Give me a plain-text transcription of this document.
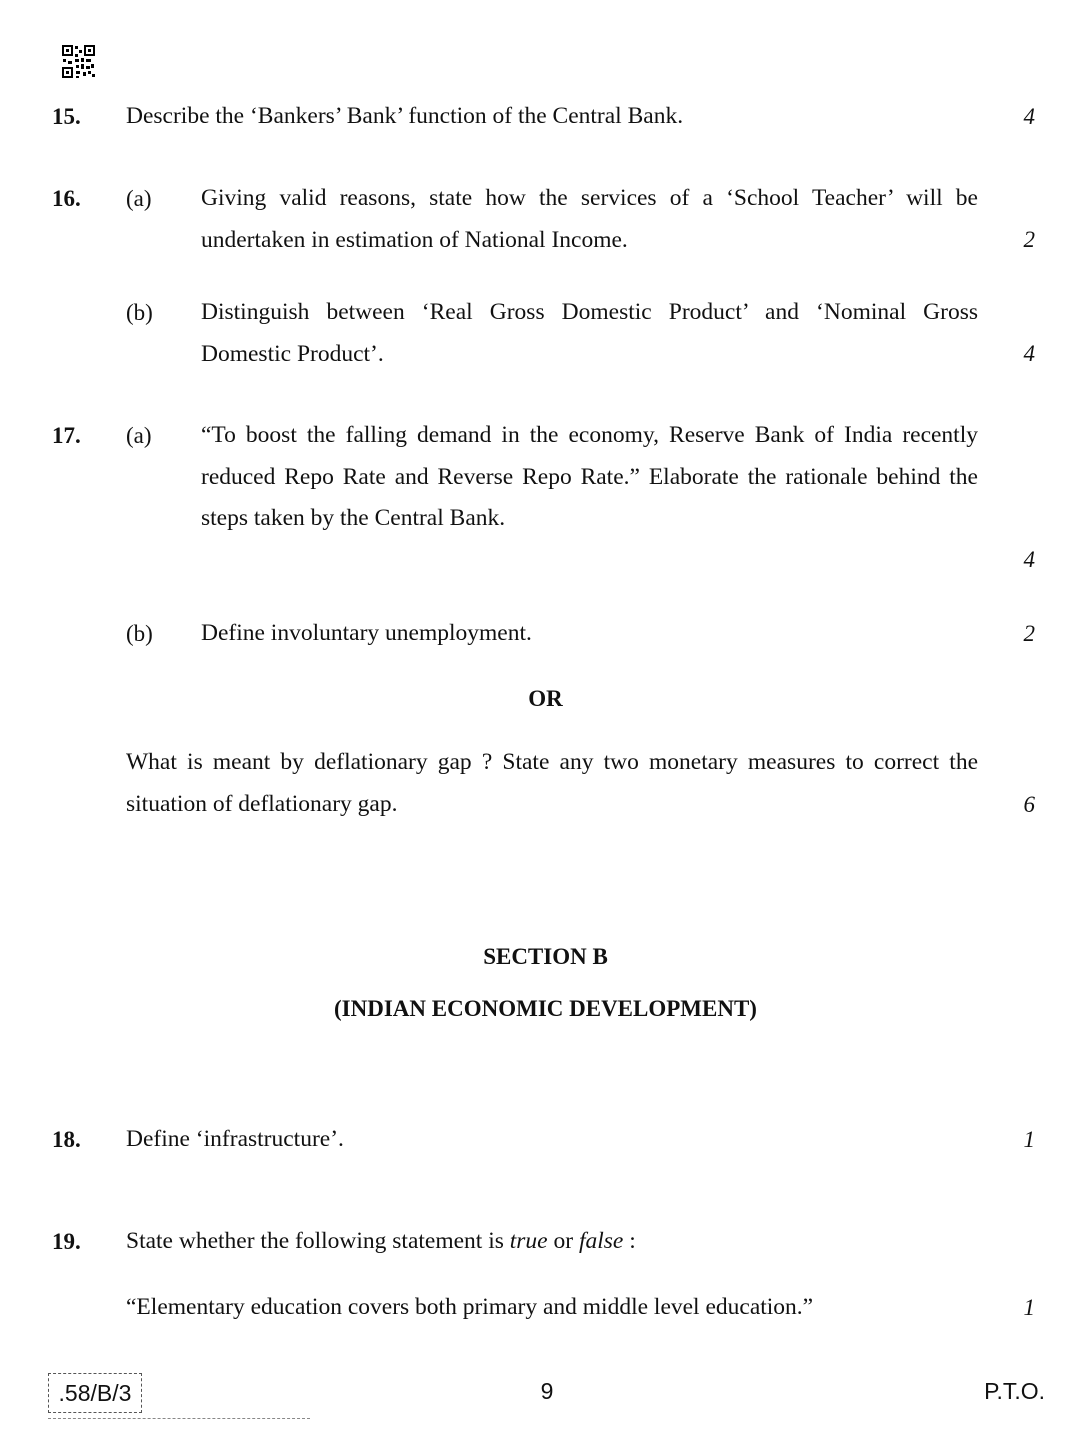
15. Describe the ‘Bankers’ Bank’ function of the Central Bank.	4
16. (a) Giving valid reasons, state how the services of a ‘School Teacher’ will be undertaken in estimation of National Income.	2
(b) Distinguish between ‘Real Gross Domestic Product’ and ‘Nominal Gross Domestic Product’.	4
17. (a) “To boost the falling demand in the economy, Reserve Bank of India recently reduced Repo Rate and Reverse Repo Rate.” Elaborate the rationale behind the steps taken by the Central Bank.
4
(b) Define involuntary unemployment.	2
OR
What is meant by deflationary gap ? State any two monetary measures to correct the situation of deflationary gap.	6
SECTION B
(INDIAN ECONOMIC DEVELOPMENT)
18. Define ‘infrastructure’.	1
19. State whether the following statement is true or false :
“Elementary education covers both primary and middle level education.”	1
.58/B/3	9	P.T.O.
